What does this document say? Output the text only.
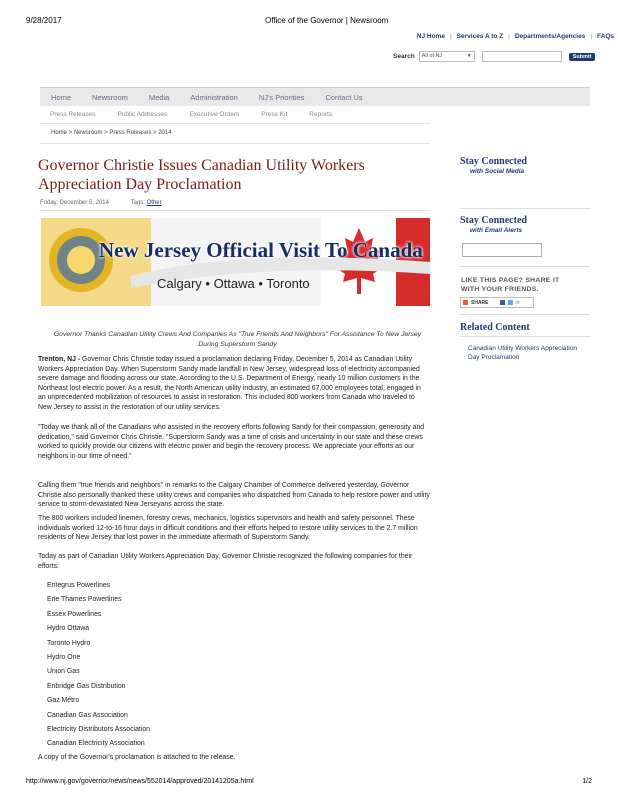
9/28/2017	Office of the Governor | Newsroom
NJ Home | Services A to Z | Departments/Agencies | FAQs
Search	All of NJ	▼	Submit
Home	Newsroom	Media	Administration	NJ's Priorities	Contact Us
Press Releases	Public Addresses	Executive Orders	Press Kit	Reports
Home > Newsroom > Press Releases > 2014
Governor Christie Issues Canadian Utility Workers Appreciation Day Proclamation
Friday, December 5, 2014	Tags: Other
New Jersey Official Visit To Canada
Calgary • Ottawa • Toronto
Governor Thanks Canadian Utility Crews And Companies As "True Friends And Neighbors" For Assistance To New Jersey During Superstorm Sandy

Trenton, NJ - Governor Chris Christie today issued a proclamation declaring Friday, December 5, 2014 as Canadian Utility Workers Appreciation Day. When Superstorm Sandy made landfall in New Jersey, widespread loss of electricity accompanied severe damage and flooding across our state. According to the U.S. Department of Energy, nearly 10 million customers in the Northeast lost electric power. As a result, the North American utility industry, an estimated 67,000 employees total, engaged in an unprecedented mobilization of resources to assist in restoration. This included 800 workers from Canada who traveled to New Jersey to assist in the restoration of our utility services.

"Today we thank all of the Canadians who assisted in the recovery efforts following Sandy for their compassion, generosity and dedication," said Governor Chris Christie. "Superstorm Sandy was a time of crisis and uncertainty in our state and these crews worked to quickly provide our citizens with electric power and begin the recovery process. We appreciate your efforts as our neighbors in our time of need."
Calling them "true friends and neighbors" in remarks to the Calgary Chamber of Commerce delivered yesterday, Governor Christie also personally thanked these utility crews and companies who dispatched from Canada to help restore power and utility service to storm-devastated New Jerseyans across the state.
The 800 workers included linemen, forestry crews, mechanics, logistics supervisors and health and safety personnel. These individuals worked 12-to-16 hour days in difficult conditions and their efforts helped to restore utility services to the 2.7 million residents of New Jersey that lost power in the immediate aftermath of Superstorm Sandy.
Today as part of Canadian Utility Workers Appreciation Day, Governor Christie recognized the following companies for their efforts:
Entegrus Powerlines
Erie Thames Powerlines
Essex Powerlines
Hydro Ottawa
Toronto Hydro
Hydro One
Union Gas
Enbridge Gas Distribution
Gaz Métro
Canadian Gas Association
Electricity Distributors Association
Canadian Electricity Association
A copy of the Governor's proclamation is attached to the release.
Stay Connected
with Social Media
Stay Connected
with Email Alerts
LIKE THIS PAGE? SHARE IT WITH YOUR FRIENDS.
SHARE	✉
Related Content
Canadian Utility Workers Appreciation Day Proclamation
http://www.nj.gov/governor/news/news/552014/approved/20141205a.html	1/2
